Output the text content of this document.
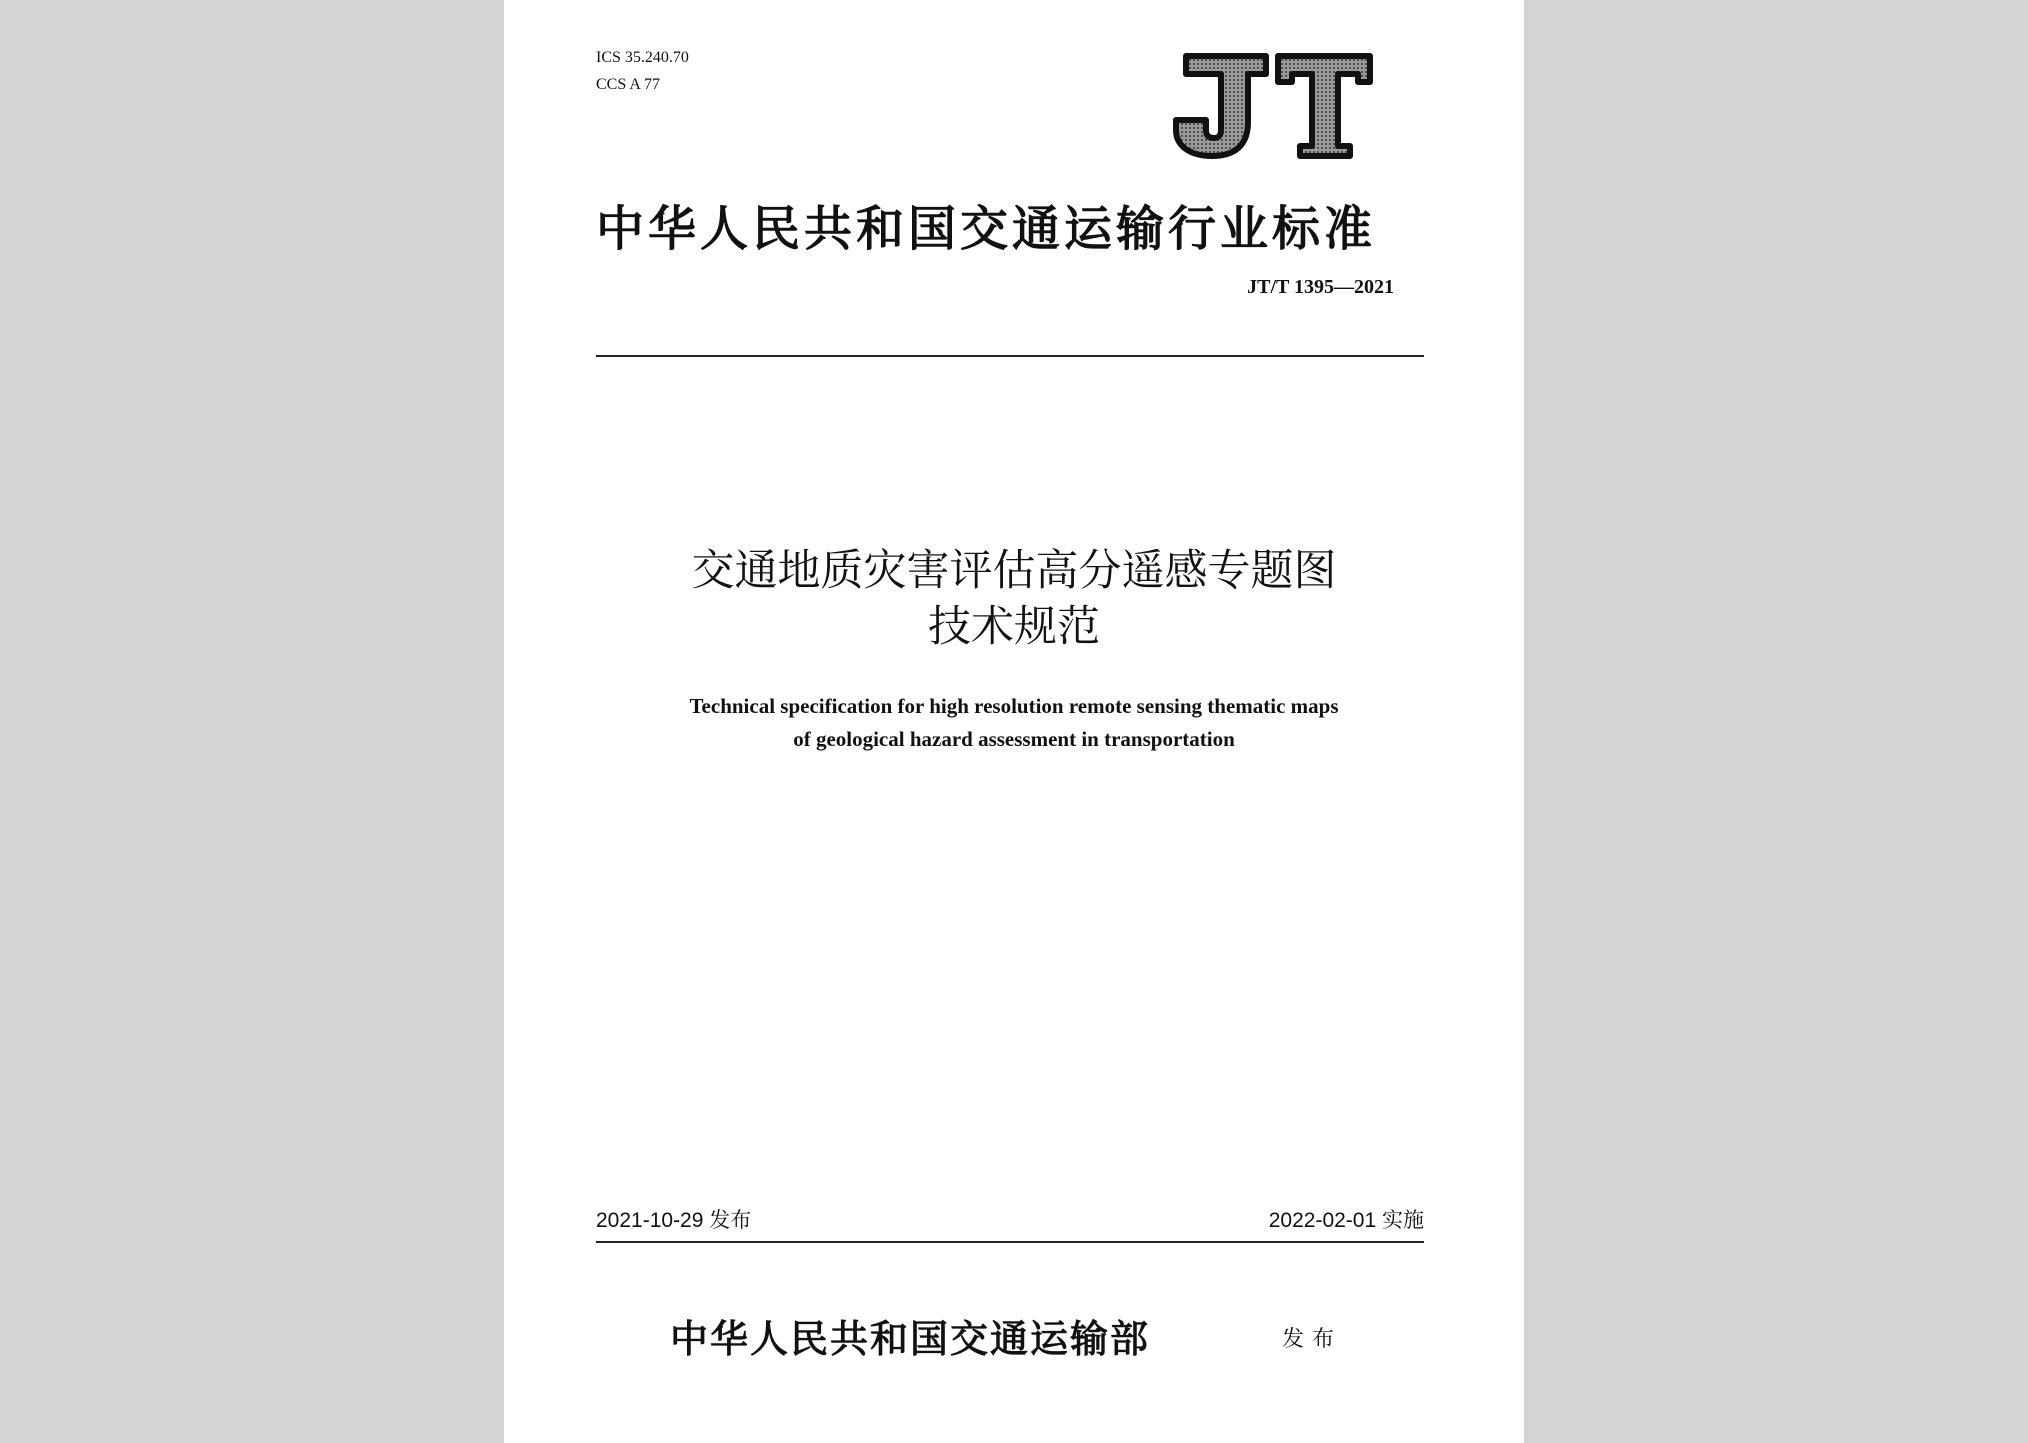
ICS 35.240.70
CCS A 77
中华人民共和国交通运输行业标准
JT/T 1395—2021
交通地质灾害评估高分遥感专题图
技术规范
Technical specification for high resolution remote sensing thematic maps
of geological hazard assessment in transportation
2021-10-29 发布	2022-02-01 实施
中华人民共和国交通运输部	发布
